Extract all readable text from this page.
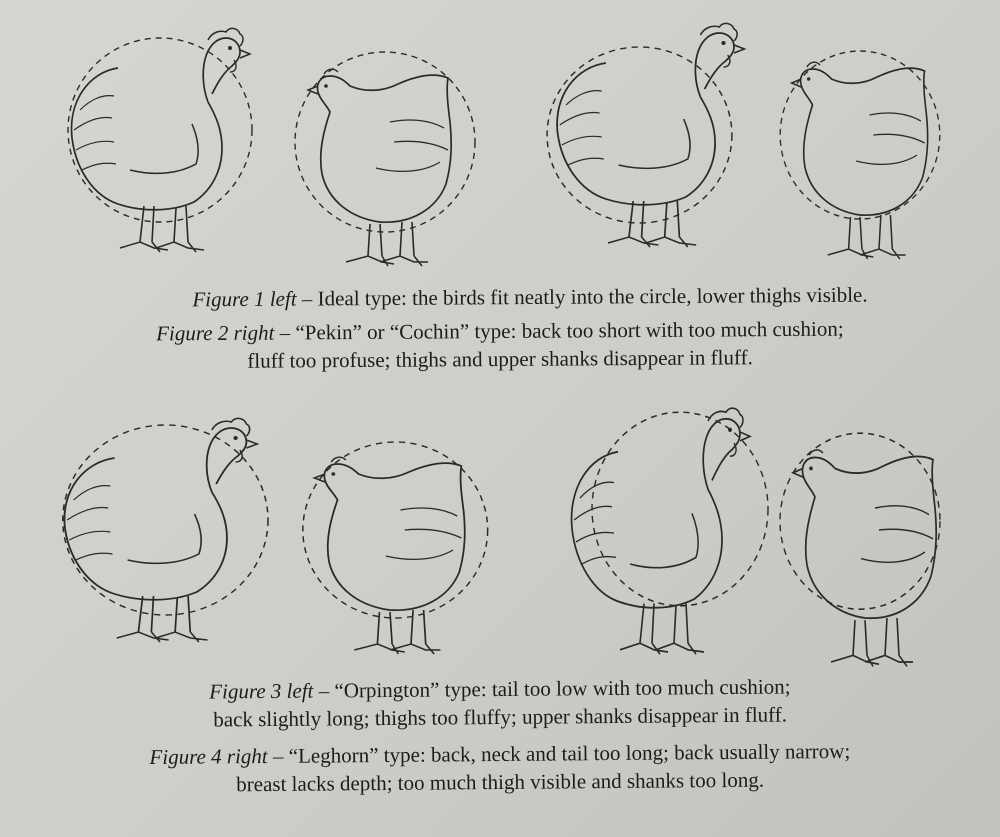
Figure 1 left – Ideal type: the birds fit neatly into the circle, lower thighs visible.

Figure 2 right – “Pekin” or “Cochin” type: back too short with too much cushion;
fluff too profuse; thighs and upper shanks disappear in fluff.

Figure 3 left – “Orpington” type: tail too low with too much cushion;
back slightly long; thighs too fluffy; upper shanks disappear in fluff.

Figure 4 right – “Leghorn” type: back, neck and tail too long; back usually narrow;
breast lacks depth; too much thigh visible and shanks too long.
